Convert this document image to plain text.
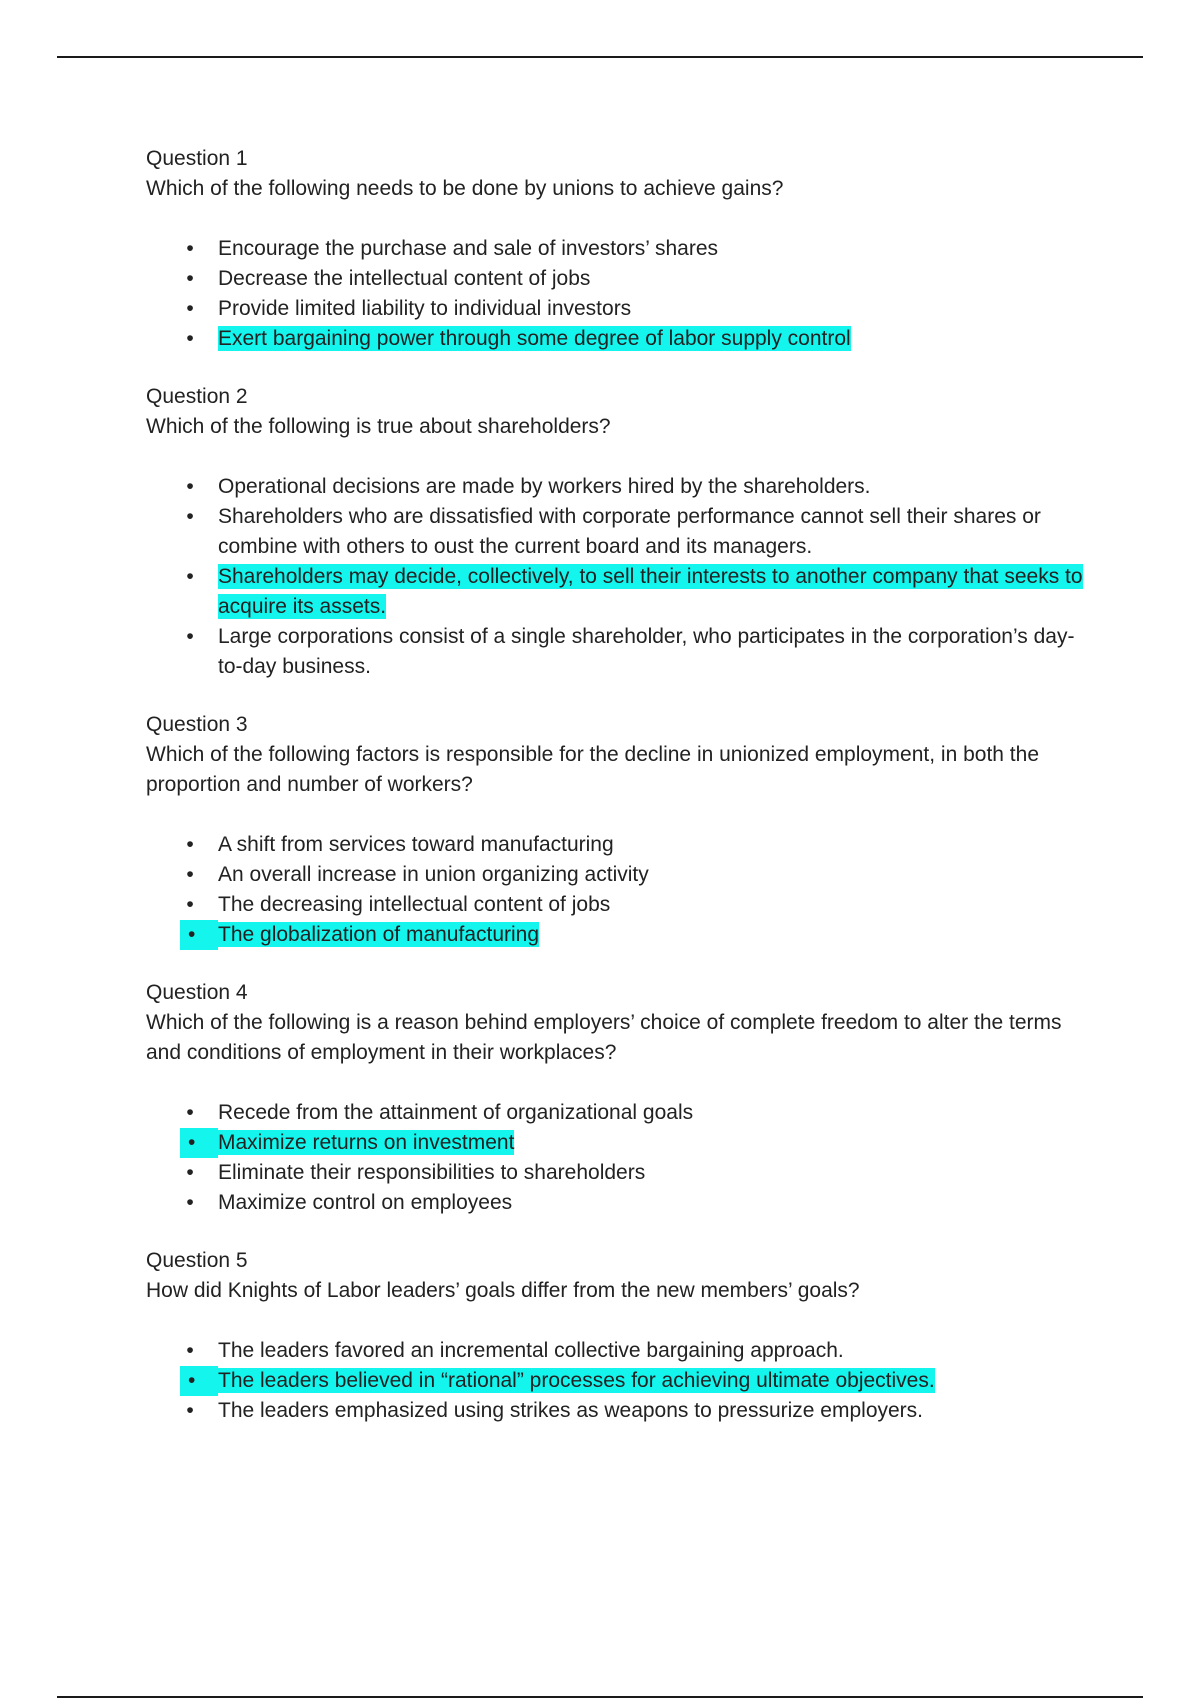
Question 1

Which of the following needs to be done by unions to achieve gains?

•	Encourage the purchase and sale of investors’ shares
•	Decrease the intellectual content of jobs
•	Provide limited liability to individual investors
•	Exert bargaining power through some degree of labor supply control

Question 2

Which of the following is true about shareholders?

•	Operational decisions are made by workers hired by the shareholders.
•	Shareholders who are dissatisfied with corporate performance cannot sell their shares or combine with others to oust the current board and its managers.
•	Shareholders may decide, collectively, to sell their interests to another company that seeks to acquire its assets.
•	Large corporations consist of a single shareholder, who participates in the corporation’s day-to-day business.

Question 3

Which of the following factors is responsible for the decline in unionized employment, in both the proportion and number of workers?

•	A shift from services toward manufacturing
•	An overall increase in union organizing activity
•	The decreasing intellectual content of jobs
•	The globalization of manufacturing

Question 4

Which of the following is a reason behind employers’ choice of complete freedom to alter the terms and conditions of employment in their workplaces?

•	Recede from the attainment of organizational goals
•	Maximize returns on investment
•	Eliminate their responsibilities to shareholders
•	Maximize control on employees

Question 5

How did Knights of Labor leaders’ goals differ from the new members’ goals?

•	The leaders favored an incremental collective bargaining approach.
•	The leaders believed in “rational” processes for achieving ultimate objectives.
•	The leaders emphasized using strikes as weapons to pressurize employers.
